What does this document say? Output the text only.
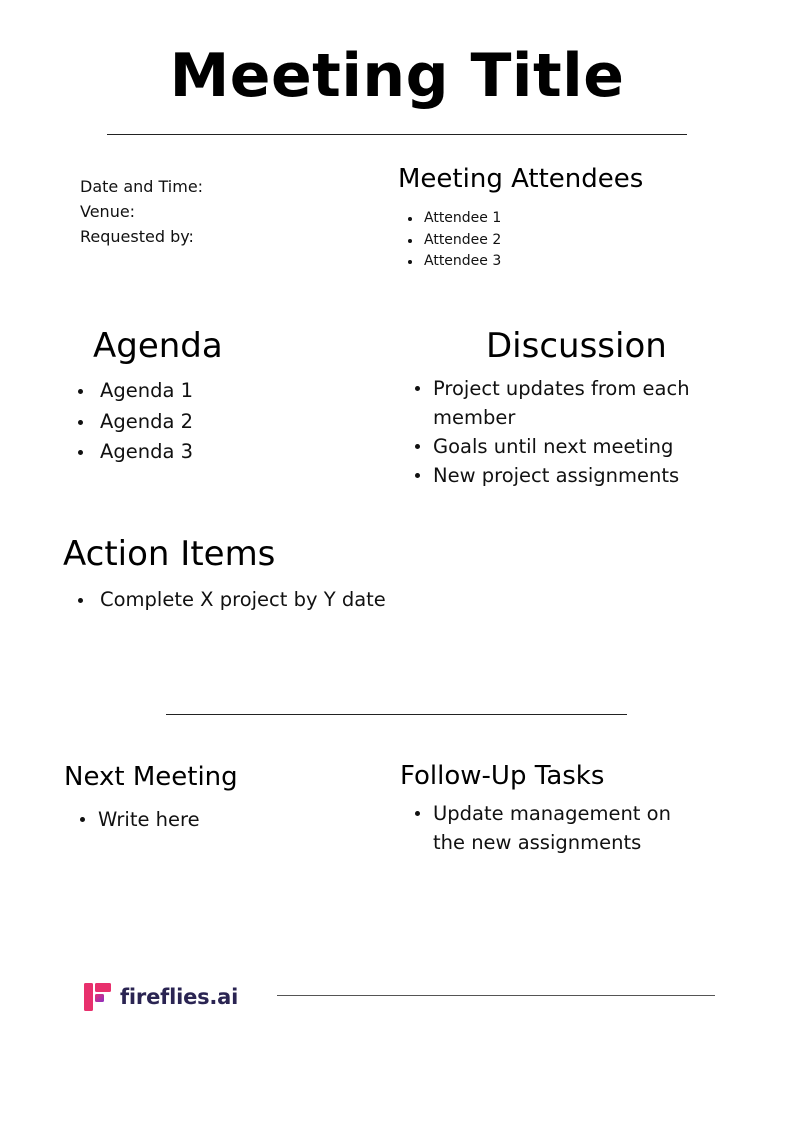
Meeting Title
Date and Time:
Venue:
Requested by:
Meeting Attendees
Attendee 1
Attendee 2
Attendee 3
Agenda
Agenda 1
Agenda 2
Agenda 3
Discussion
Project updates from each member
Goals until next meeting
New project assignments
Action Items
Complete X project by Y date
Next Meeting
Write here
Follow-Up Tasks
Update management on the new assignments
fireflies.ai
